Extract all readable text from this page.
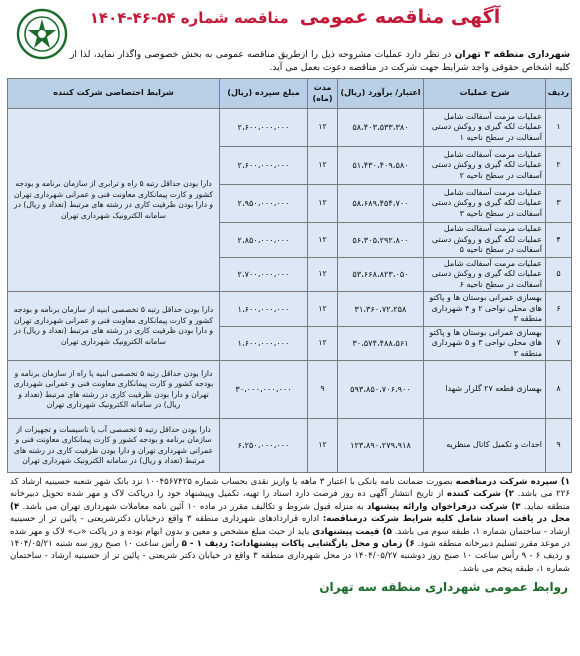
آگهی مناقصه عمومی مناقصه شماره ۵۴-۴۶-۱۴۰۴
شهرداری منطقه ۳ تهران در نظر دارد عملیات مشروحه ذیل را ازطریق مناقصه عمومی به بخش خصوصی واگذار نماید، لذا از کلیه اشخاص حقوقی واجد شرایط جهت شرکت در مناقصه دعوت بعمل می آید.
ردیف	شرح عملیات	اعتبار/ برآورد (ریال)	مدت (ماه)	مبلغ سپرده (ریال)	شرایط اختصاصی شرکت کننده
۱	عملیات مرمت آسفالت شامل عملیات لکه گیری و روکش دستی آسفالت در سطح ناحیه ۱	۵۸،۴۰۳،۵۳۳،۳۸۰	۱۲	۲،۶۰۰،۰۰۰،۰۰۰	دارا بودن حداقل رتبه ۵ راه و ترابری از سازمان برنامه و بودجه کشور و کارت پیمانکاری معاونت فنی و عمرانی شهرداری تهران و دارا بودن ظرفیت کاری در رشته های مرتبط (تعداد و ریال) در سامانه الکترونیک شهرداری تهران
۲	عملیات مرمت آسفالت شامل عملیات لکه گیری و روکش دستی آسفالت در سطح ناحیه ۲	۵۱،۴۳۰،۴۰۹،۵۸۰	۱۲	۲،۶۰۰،۰۰۰،۰۰۰	
۳	عملیات مرمت آسفالت شامل عملیات لکه گیری و روکش دستی آسفالت در سطح ناحیه ۳	۵۸،۶۸۹،۴۵۴،۷۰۰	۱۲	۲،۹۵۰،۰۰۰،۰۰۰	
۴	عملیات مرمت آسفالت شامل عملیات لکه گیری و روکش دستی آسفالت در سطح ناحیه ۵	۵۶،۳۰۵،۲۹۲،۸۰۰	۱۲	۲،۸۵۰،۰۰۰،۰۰۰	
۵	عملیات مرمت آسفالت شامل عملیات لکه گیری و روکش دستی آسفالت در سطح ناحیه ۶	۵۳،۶۶۸،۸۲۳،۰۵۰	۱۲	۲،۷۰۰،۰۰۰،۰۰۰	
۶	بهسازی عمرانی بوستان ها و پاکتو های محلی نواحی ۲ و ۴ شهرداری منطقه ۳	۳۱،۳۶۰،۷۲،۲۵۸	۱۲	۱،۶۰۰،۰۰۰،۰۰۰	دارا بودن حداقل رتبه ۵ تخصصی ابنیه از سازمان برنامه و بودجه کشور و کارت پیمانکاری معاونت فنی و عمرانی شهرداری تهران و دارا بودن ظرفیت کاری در رشته های مرتبط (تعداد و ریال) در سامانه الکترونیک شهرداری تهران
۷	بهسازی عمرانی بوستان ها و پاکتو های محلی نواحی ۳ و ۵ شهرداری منطقه ۳	۳۰،۵۷۴،۴۸۸،۵۶۱	۱۲	۱،۶۰۰،۰۰۰،۰۰۰	
۸	بهسازی قطعه ۲۷ گلزار شهدا	۵۹۳،۸۵۰،۷۰۶،۹۰۰	۹	۳۰،۰۰۰،۰۰۰،۰۰۰	دارا بودن حداقل رتبه ۵ تخصصی ابنیه یا راه از سازمان برنامه و بودجه کشور و کارت پیمانکاری معاونت فنی و عمرانی شهرداری تهران و دارا بودن ظرفیت کاری در رشته های مرتبط (تعداد و ریال) در سامانه الکترونیک شهرداری تهران
۹	احداث و تکمیل کانال منظریه	۱۲۳،۸۹۰،۲۷۹،۹۱۸	۱۲	۶،۲۵۰،۰۰۰،۰۰۰	دارا بودن حداقل رتبه ۵ تخصصی آب یا تاسیسات و تجهیزات از سازمان برنامه و بودجه کشور و کارت پیمانکاری معاونت فنی و عمرانی شهرداری تهران و دارا بودن ظرفیت کاری در رشته های مرتبط (تعداد و ریال) در سامانه الکترونیک شهرداری تهران
۱) سپرده شرکت درمناقصه بصورت ضمانت نامه بانکی با اعتبار ۳ ماهه یا واریز نقدی بحساب شماره ۱۰۰۴۵۶۷۴۲۵ نزد بانک شهر شعبه حسینیه ارشاد کد ۲۲۶ می باشد. ۲) شرکت کننده از تاریخ انتشار آگهی ده روز فرصت دارد اسناد را تهیه، تکمیل وپیشنهاد خود را درپاکت لاک و مهر شده تحویل دبیرخانه منطقه نماید. ۳) شرکت درفراخوان وارائه پیشنهاد به منزله قبول شروط و تکالیف مقرر در ماده ۱۰ آئین نامه معاملات شهرداری تهران می باشد. ۴) محل در یافت اسناد شامل کلیه شرایط شرکت درمناقصه: اداره قراردادهای شهرداری منطقه ۳ واقع درخیابان دکترشریعتی - پائین تر از حسینیه ارشاد - ساختمان شماره ۱، طبقه سوم می باشد. ۵) قیمت پیشنهادی باید از حیث مبلغ مشخص و معین و بدون ابهام بوده و در پاکت «ب» لاک و مهر شده در موعد مقرر تسلیم دبیرخانه منطقه شود. ۶) زمان و محل بازگشایی پاکات پیشنهادات: ردیف ۱ - ۵ رأس ساعت ۱۰ صبح روز سه شنبه ۱۴۰۴/۰۵/۲۱ و ردیف ۶ - ۹ رأس ساعت ۱۰ صبح روز دوشنبه ۱۴۰۴/۰۵/۲۷ در محل شهرداری منطقه ۳ واقع در خیابان دکتر شریعتی - پائین تر از حسینیه ارشاد - ساختمان شماره ۱، طبقه پنجم می باشد.
روابط عمومی شهرداری منطقه سه تهران
